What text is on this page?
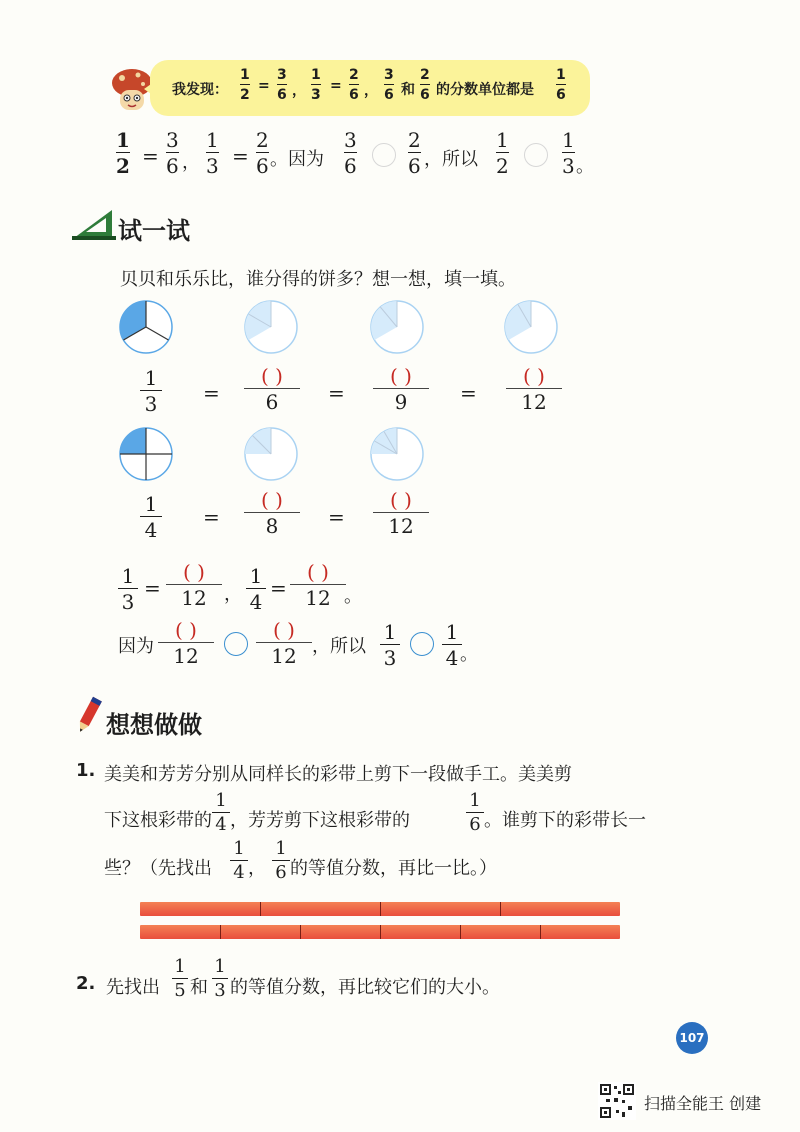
我发现：
1
2
=
3
6 ，
1
3
=
2
6 ，
3
6 和
2
6 的分数单位都是
1
6
1
2 =
3
6 ，
1
3 =
2
6 。因为
3
6
2
6 ，所以
1
2
1
3 。
试一试
贝贝和乐乐比，谁分得的饼多？想一想，填一填。
1
3 =
( )
6 =
( )
9	=
( )
12
1
4
=
( )
8 =
( )
12
1
3
=
( )
12 ，
1
4
=
( )
12 。
因为
( )
12
( )
12 ，所以
1
3
1
4 。
想想做做
1. 美美和芳芳分别从同样长的彩带上剪下一段做手工。美美剪
下这根彩带的
1
4 ，芳芳剪下这根彩带的
1
6 。谁剪下的彩带长一
些？（先找出
1
4 ，
1
6 的等值分数，再比一比。）
2. 先找出
1
5 和
1
3 的等值分数，再比较它们的大小。
107
扫描全能王 创建
